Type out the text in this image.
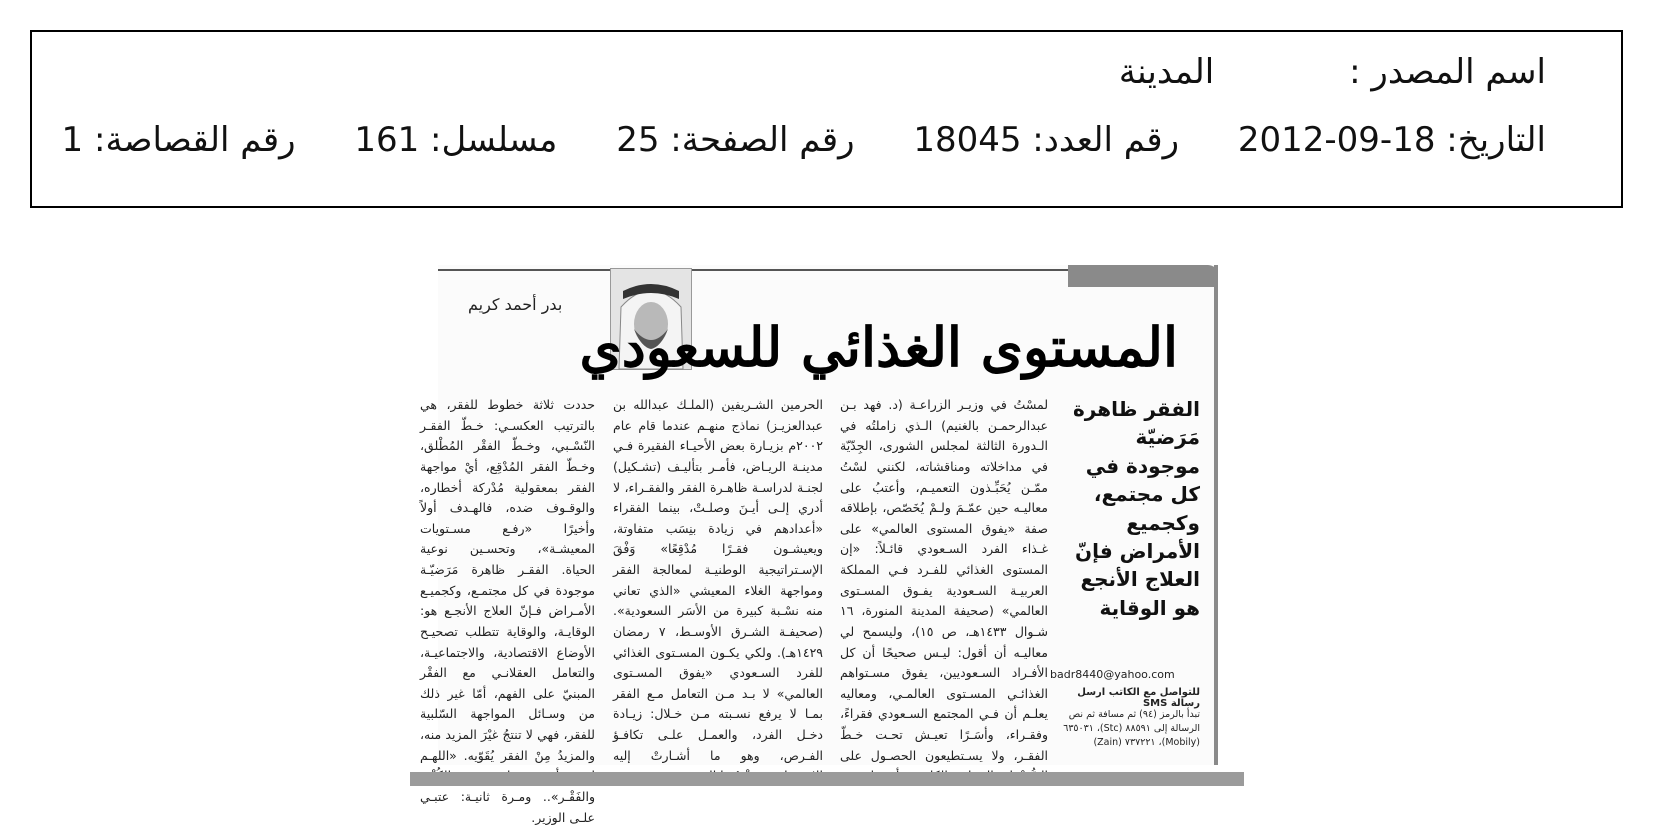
اسم المصدر :المدينة
التاريخ: 2012-09-18 رقم العدد: 18045 رقم الصفحة: 25 مسلسل: 161 رقم القصاصة: 1
بدر أحمد كريم
المستوى الغذائي للسعودي
الفقر ظاهرة مَرَضيّة موجودة في كل مجتمع، وكجميع الأمراض فإنّ العلاج الأنجع هو الوقاية
لمسْتُ في وزيـر الزراعـة (د. فهد بـن عبدالرحمـن بالغنيم) الـذي زاملتُه في الـدورة الثالثة لمجلس الشورى، الجِدّيّة في مداخلاته ومناقشاته، لكنني لسْتُ ممّـن يُحَبِّـذون التعميـم، وأعتبُ على معاليـه حين عمّـمَ ولـمْ يُخَصّص، بإطلاقه صفة «يفوق المستوى العالمي» على غـذاء الفرد السـعودي قائـلاً: «إن المستوى الغذائي للفـرد فـي المملكة العربيـة السـعودية يفـوق المسـتوى العالمي» (صحيفة المدينة المنورة، ١٦ شـوال ١٤٣٣هـ، ص ١٥)، وليسمح لي معاليـه أن أقول: ليـس صحيحًا أن كل الأفـراد السـعوديين، يفوق مسـتواهم الغذائـي المسـتوى العالمـي، ومعاليه يعلـم أن فـي المجتمع السـعودي فقراءً، وفقـراء، وأسَـرًا تعيـش تحـت خـطّ الفقـر، ولا يسـتطيعون الحصـول على
الحرمين الشـريفين (الملـك عبدالله بن عبدالعزيـز) نماذج منهـم عندما قام عام ٢٠٠٢م بزيـارة بعض الأحيـاء الفقيرة فـي مدينـة الريـاض، فأمـر بتأليـف (تشـكيل) لجنـة لدراسـة ظاهـرة الفقر والفقـراء، لا أدري إلـى أيـنَ وصلـتْ، بينما الفقراء «أعدادهم في زيادة بنِسَب متفاوتة، ويعيشـون فقـرًا مُدْقِعًا» وَفْقَ الإسـتراتيجية الوطنيـة لمعالجة الفقر ومواجهة الغلاء المعيشي «الذي تعاني منه نسْـبة كبيرة من الأسَر السعودية». (صحيفـة الشـرق الأوسـط، ٧ رمضان ١٤٢٩هـ). ولكي يكـون المسـتوى الغذائي للفرد السـعودي «يفوق المسـتوى العالمي» لا بـد مـن التعامل مـع الفقر بمـا لا يرفع نسـبته مـن خـلال: زيـادة دخـل الفرد، والعمـل علـى تكافـؤ الفـرص، وهو ما أشـارتْ إليه
حددت ثلاثة خطوط للفقر، هي بالترتيب العكسـي: خـطّ الفقـر النّسْـبي، وخـطّ الفقْر المُطْلق، وخـطّ الفقر المُدْقِع، أيْ مواجهة الفقر بمعقولية مُدْركة أخطاره، والوقـوف ضده، فالهـدف أولاً وأخيرًا «رفـع مسـتويات المعيشـة»، وتحسـين نوعية الحياة. الفقـر ظاهرة مَرَضيّـة موجودة في كل مجتمـع، وكجميـع الأمـراض فـإنّ العلاج الأنجـع هو: الوقايـة، والوقاية تتطلب تصحيـح الأوضاع الاقتصادية، والاجتماعيـة، والتعامل العقلانـي مع الفقْر المبنيّ على الفهم، أمّا غير ذلك من وسـائل المواجهة السّلبية للفقر، فهي لا تنتجُ غيْرَ المزيد منه، والمزيدُ مِنْ الفقر يُقَوّيه. «اللهـم والفَقْـر».. ومـرة ثانيـة: عتبـي علـى الوزير.
badr8440@yahoo.com
للتواصل مع الكاتب ارسل رسالة SMS
تبدأ بالرمز (٩٤) ثم مسافة ثم نص الرسالة إلى ٨٨٥٩١ (Stc)، ٦٣٥٠٣١ (Mobily)، ٧٣٧٢٢١ (Zain)
